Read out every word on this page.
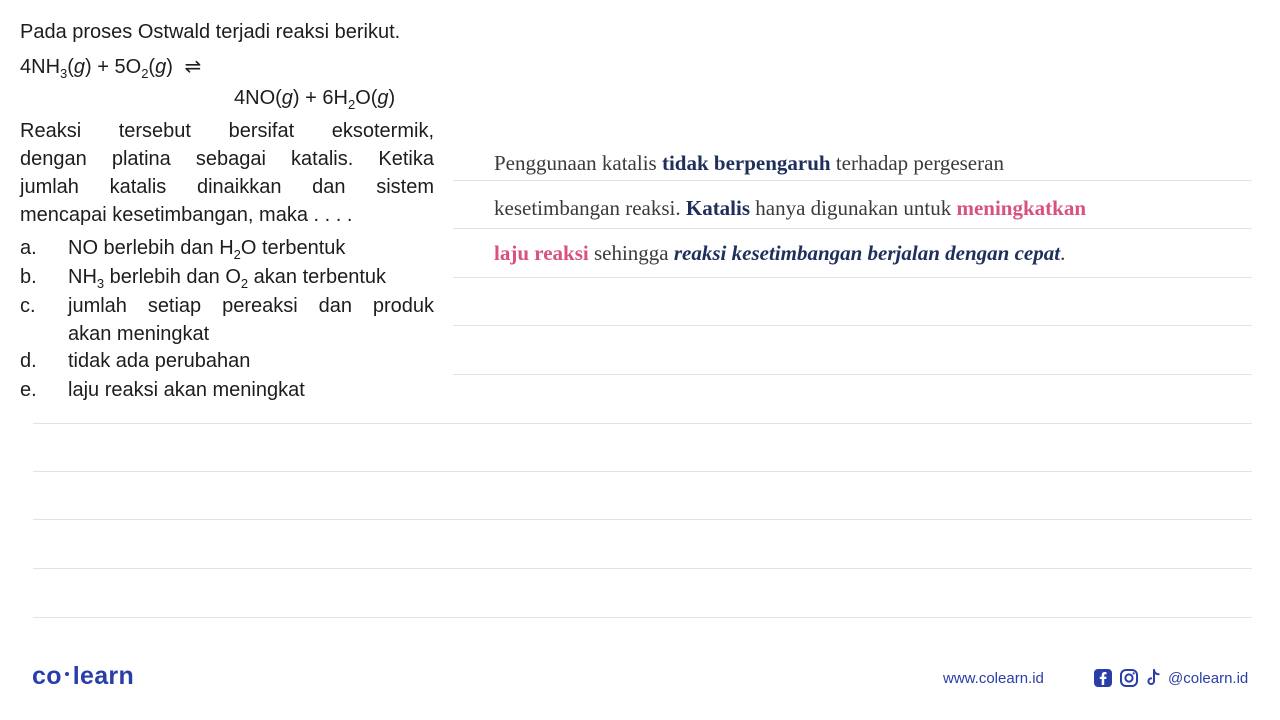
Pada proses Ostwald terjadi reaksi berikut.
$4NH_3(g) + 5O_2(g)$ ⇌
$4NO(g) + 6H_2O(g)$
Reaksi tersebut bersifat eksotermik,
dengan platina sebagai katalis. Ketika
jumlah katalis dinaikkan dan sistem
mencapai kesetimbangan, maka . . . .
a. NO berlebih dan $H_2O$ terbentuk
b. $NH_3$ berlebih dan $O_2$ akan terbentuk
c. jumlah setiap pereaksi dan produk
akan meningkat
d. tidak ada perubahan
e. laju reaksi akan meningkat
Penggunaan katalis tidak berpengaruh terhadap pergeseran
kesetimbangan reaksi. Katalis hanya digunakan untuk meningkatkan
laju reaksi sehingga reaksi kesetimbangan berjalan dengan cepat.
co learn	www.colearn.id	@colearn.id
